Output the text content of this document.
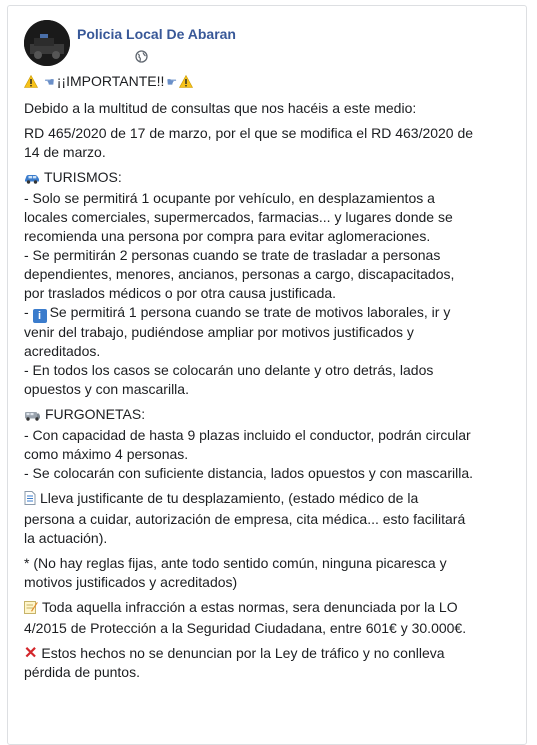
Policia Local De Abaran

☚ ¡¡IMPORTANTE!! ☛

Debido a la multitud de consultas que nos hacéis a este medio:

RD 465/2020 de 17 de marzo, por el que se modifica el RD 463/2020 de
14 de marzo.

TURISMOS:
- Solo se permitirá 1 ocupante por vehículo, en desplazamientos a
locales comerciales, supermercados, farmacias... y lugares donde se
recomienda una persona por compra para evitar aglomeraciones.
- Se permitirán 2 personas cuando se trate de trasladar a personas
dependientes, menores, ancianos, personas a cargo, discapacitados,
por traslados médicos o por otra causa justificada.
- i Se permitirá 1 persona cuando se trate de motivos laborales, ir y
venir del trabajo, pudiéndose ampliar por motivos justificados y
acreditados.
- En todos los casos se colocarán uno delante y otro detrás, lados
opuestos y con mascarilla.

FURGONETAS:
- Con capacidad de hasta 9 plazas incluido el conductor, podrán circular
como máximo 4 personas.
- Se colocarán con suficiente distancia, lados opuestos y con mascarilla.

Lleva justificante de tu desplazamiento, (estado médico de la
persona a cuidar, autorización de empresa, cita médica... esto facilitará
la actuación).

* (No hay reglas fijas, ante todo sentido común, ninguna picaresca y
motivos justificados y acreditados)

Toda aquella infracción a estas normas, sera denunciada por la LO
4/2015 de Protección a la Seguridad Ciudadana, entre 601€ y 30.000€.

✕ Estos hechos no se denuncian por la Ley de tráfico y no conlleva
pérdida de puntos.
